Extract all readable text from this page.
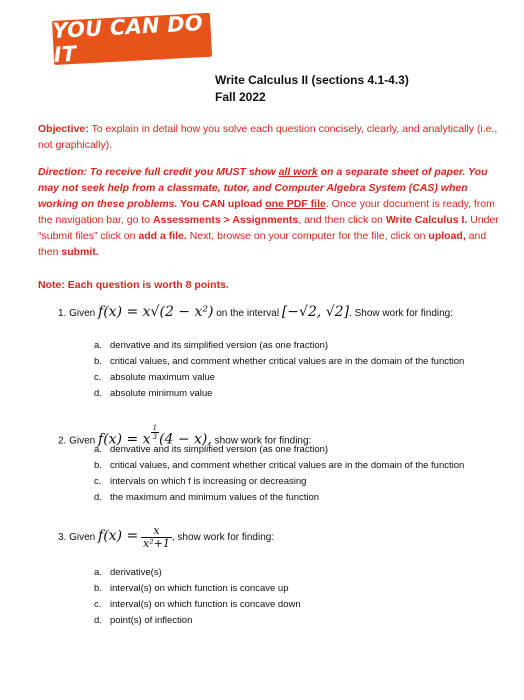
YOU CAN DO IT
Write Calculus II (sections 4.1-4.3)
Fall 2022
Objective: To explain in detail how you solve each question concisely, clearly, and analytically (i.e., not graphically).
Direction: To receive full credit you MUST show all work on a separate sheet of paper. You may not seek help from a classmate, tutor, and Computer Algebra System (CAS) when working on these problems. You CAN upload one PDF file. Once your document is ready, from the navigation bar, go to Assessments > Assignments, and then click on Write Calculus I. Under “submit files” click on add a file. Next, browse on your computer for the file, click on upload, and then submit.
Note: Each question is worth 8 points.
1. Given f(x) = x√(2 − x²) on the interval [−√2, √2]. Show work for finding:
a. derivative and its simplified version (as one fraction)
b. critical values, and comment whether critical values are in the domain of the function
c. absolute maximum value
d. absolute minimum value
2. Given f(x) = x $^{\frac{1}{3}}$ (4 − x), show work for finding:
a. derivative and its simplified version (as one fraction)
b. critical values, and comment whether critical values are in the domain of the function
c. intervals on which f is increasing or decreasing
d. the maximum and minimum values of the function
3. Given $f(x) = \frac{x}{\text{x²+1}}$ , show work for finding:
a. derivative(s)
b. interval(s) on which function is concave up
c. interval(s) on which function is concave down
d. point(s) of inflection
